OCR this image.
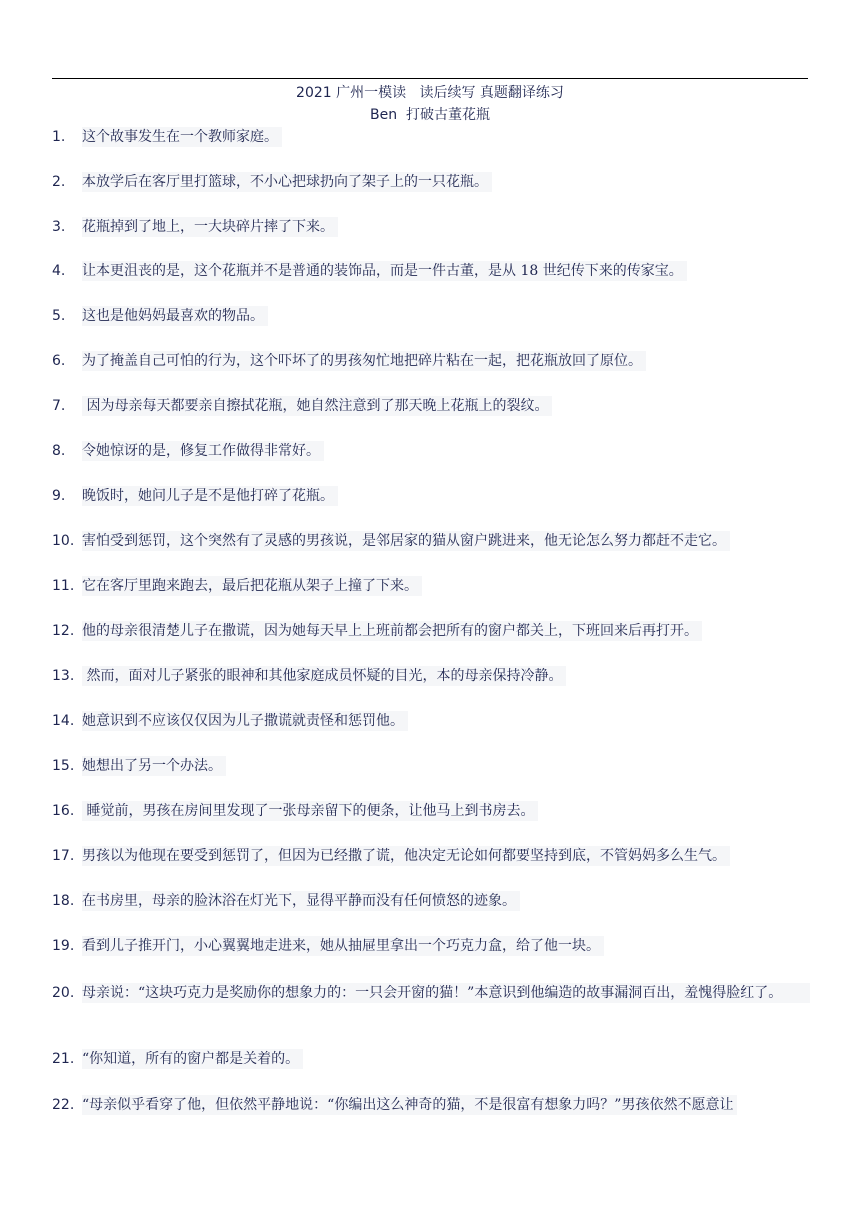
2021 广州一模读   读后续写 真题翻译练习
Ben  打破古董花瓶
1. 这个故事发生在一个教师家庭。
2. 本放学后在客厅里打篮球，不小心把球扔向了架子上的一只花瓶。
3. 花瓶掉到了地上，一大块碎片摔了下来。
4. 让本更沮丧的是，这个花瓶并不是普通的装饰品，而是一件古董，是从 18 世纪传下来的传家宝。
5. 这也是他妈妈最喜欢的物品。
6. 为了掩盖自己可怕的行为，这个吓坏了的男孩匆忙地把碎片粘在一起，把花瓶放回了原位。
7. 因为母亲每天都要亲自擦拭花瓶，她自然注意到了那天晚上花瓶上的裂纹。
8. 令她惊讶的是，修复工作做得非常好。
9. 晚饭时，她问儿子是不是他打碎了花瓶。
10. 害怕受到惩罚，这个突然有了灵感的男孩说，是邻居家的猫从窗户跳进来，他无论怎么努力都赶不走它。
11. 它在客厅里跑来跑去，最后把花瓶从架子上撞了下来。
12. 他的母亲很清楚儿子在撒谎，因为她每天早上上班前都会把所有的窗户都关上，下班回来后再打开。
13. 然而，面对儿子紧张的眼神和其他家庭成员怀疑的目光，本的母亲保持冷静。
14. 她意识到不应该仅仅因为儿子撒谎就责怪和惩罚他。
15. 她想出了另一个办法。
16. 睡觉前，男孩在房间里发现了一张母亲留下的便条，让他马上到书房去。
17. 男孩以为他现在要受到惩罚了，但因为已经撒了谎，他决定无论如何都要坚持到底，不管妈妈多么生气。
18. 在书房里，母亲的脸沐浴在灯光下，显得平静而没有任何愤怒的迹象。
19. 看到儿子推开门，小心翼翼地走进来，她从抽屉里拿出一个巧克力盒，给了他一块。
20. 母亲说：“这块巧克力是奖励你的想象力的：一只会开窗的猫！”本意识到他编造的故事漏洞百出，羞愧得脸红了。
21. “你知道，所有的窗户都是关着的。
22. “母亲似乎看穿了他，但依然平静地说：“你编出这么神奇的猫，不是很富有想象力吗？”男孩依然不愿意让
